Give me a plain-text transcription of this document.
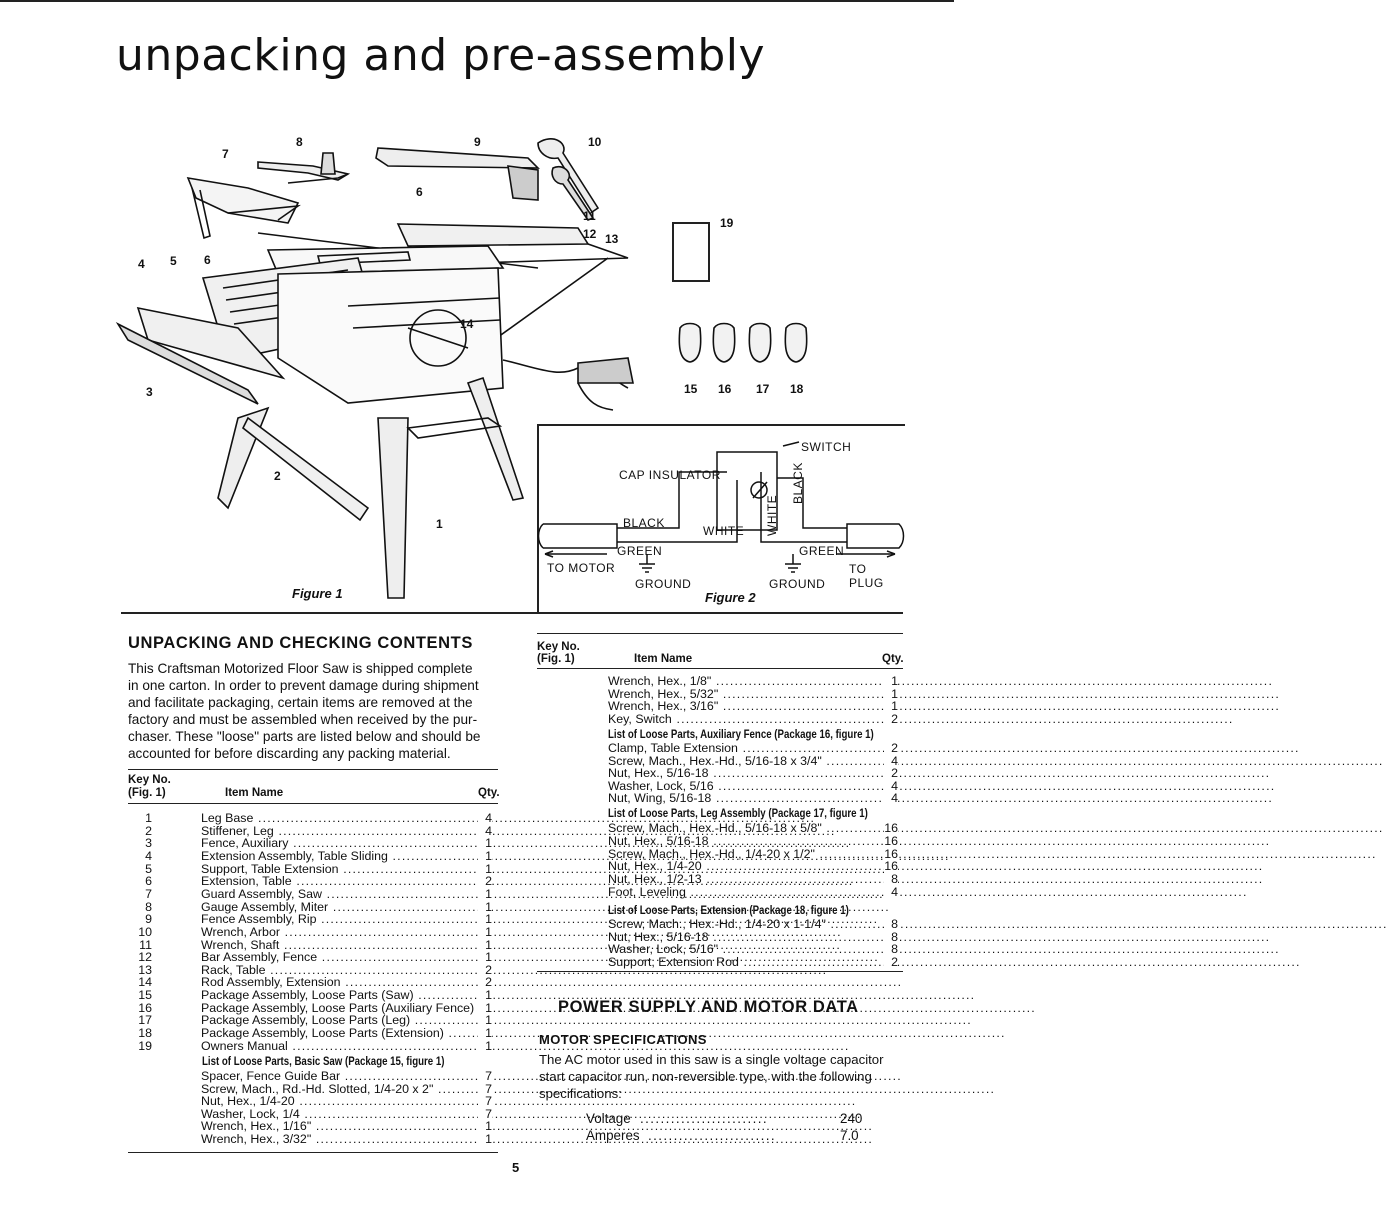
unpacking and pre-assembly
7
8	9	10
6
11
12 13
4 5 6
14
3
2
1
Figure 1
19
15 16 17 18
SWITCH
CAP INSULATOR
BLACK
WHITE WHITE
BLACK
GREEN	GREEN
TO MOTOR	TO PLUG
GROUND	GROUND
Figure 2
UNPACKING AND CHECKING CONTENTS
This Craftsman Motorized Floor Saw is shipped complete
in one carton. In order to prevent damage during shipment
and facilitate packaging, certain items are removed at the
factory and must be assembled when received by the pur-
chaser. These "loose" parts are listed below and should be
accounted for before discarding any packing material.
Key No.
(Fig. 1)	Item Name	Qty.
1	Leg Base .....	4
2	Stiffener, Leg .....	4
3	Fence, Auxiliary .....	1
4	Extension Assembly, Table Sliding .....	1
5	Support, Table Extension .....	1
6	Extension, Table .....	2
7	Guard Assembly, Saw .....	1
8	Gauge Assembly, Miter .....	1
9	Fence Assembly, Rip .....	1
10	Wrench, Arbor .....	1
11	Wrench, Shaft .....	1
12	Bar Assembly, Fence .....	1
13	Rack, Table .....	2
14	Rod Assembly, Extension .....	2
15	Package Assembly, Loose Parts (Saw) .....	1
16	Package Assembly, Loose Parts (Auxiliary Fence) ..... 1
17	Package Assembly, Loose Parts (Leg) .....	1
18	Package Assembly, Loose Parts (Extension) .....	1
19	Owners Manual .....	1
List of Loose Parts, Basic Saw (Package 15, figure 1)
Spacer, Fence Guide Bar .....	7
Screw, Mach., Rd.-Hd. Slotted, 1/4-20 x 2" .....	7
Nut, Hex., 1/4-20 .....	7
Washer, Lock, 1/4 .....	7
Wrench, Hex., 1/16" .....	1
Wrench, Hex., 3/32" .....	1
Key No.
(Fig. 1)	Item Name	Qty.
Wrench, Hex., 1/8" .....	1
Wrench, Hex., 5/32" .....	1
Wrench, Hex., 3/16" .....	1
Key, Switch .....	2
List of Loose Parts, Auxiliary Fence (Package 16, figure 1)
Clamp, Table Extension .....	2
Screw, Mach., Hex.-Hd., 5/16-18 x 3/4" .....	4
Nut, Hex., 5/16-18 .....	2
Washer, Lock, 5/16 .....	4
Nut, Wing, 5/16-18 .....	4
List of Loose Parts, Leg Assembly (Package 17, figure 1)
Screw, Mach., Hex.-Hd., 5/16-18 x 5/8" .....	16
Nut, Hex., 5/16-18 .....	16
Screw, Mach., Hex.-Hd., 1/4-20 x 1/2" .....	16
Nut, Hex., 1/4-20 .....	16
Nut, Hex., 1/2-13 .....	8
Foot, Leveling .....	4
List of Loose Parts, Extension (Package 18, figure 1)
Screw, Mach., Hex.-Hd., 1/4-20 x 1-1/4" .....	8
Nut, Hex., 5/16-18 .....	8
Washer, Lock, 5/16" .....	8
Support, Extension Rod .....	2
POWER SUPPLY AND MOTOR DATA
MOTOR SPECIFICATIONS
The AC motor used in this saw is a single voltage capacitor
start capacitor run, non-reversible type, with the following
specifications:
Voltage .........................	240
Amperes .........................	7.0
5
